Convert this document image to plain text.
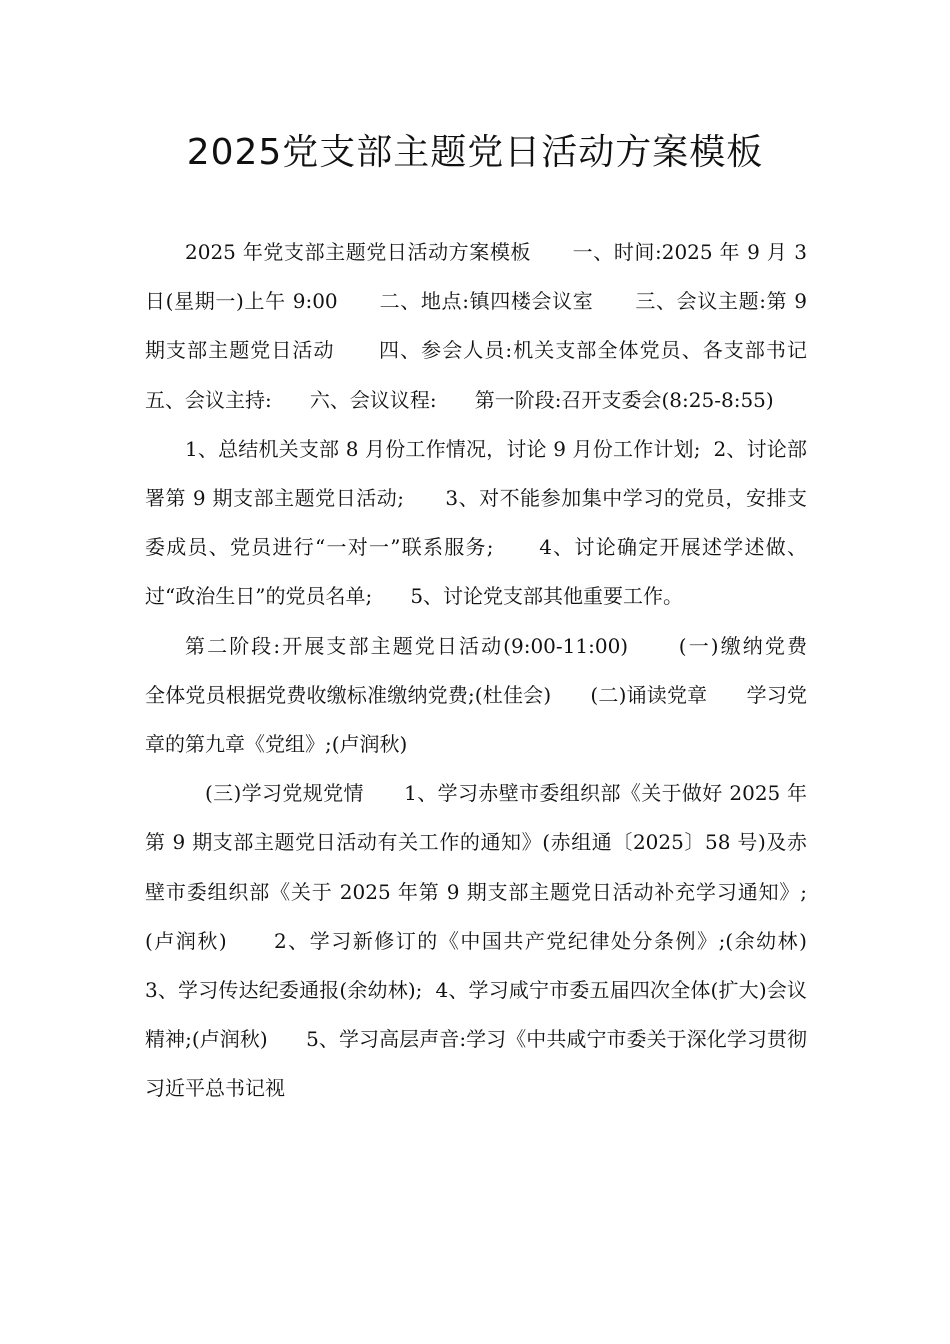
2025党支部主题党日活动方案模板

2025 年党支部主题党日活动方案模板      一、时间:2025 年 9 月 3 日(星期一)上午 9:00      二、地点:镇四楼会议室      三、会议主题:第 9 期支部主题党日活动      四、参会人员:机关支部全体党员、各支部书记      五、会议主持:      六、会议议程:      第一阶段:召开支委会(8:25-8:55)

1、总结机关支部 8 月份工作情况，讨论 9 月份工作计划;  2、讨论部署第 9 期支部主题党日活动;      3、对不能参加集中学习的党员，安排支委成员、党员进行“一对一”联系服务;      4、讨论确定开展述学述做、过“政治生日”的党员名单;      5、讨论党支部其他重要工作。

第二阶段:开展支部主题党日活动(9:00-11:00)      (一)缴纳党费      全体党员根据党费收缴标准缴纳党费;(杜佳会)      (二)诵读党章      学习党章的第九章《党组》;(卢润秋)

(三)学习党规党情      1、学习赤壁市委组织部《关于做好 2025 年第 9 期支部主题党日活动有关工作的通知》(赤组通〔2025〕58 号)及赤壁市委组织部《关于 2025 年第 9 期支部主题党日活动补充学习通知》;(卢润秋)      2、学习新修订的《中国共产党纪律处分条例》;(余幼林)      3、学习传达纪委通报(余幼林);  4、学习咸宁市委五届四次全体(扩大)会议精神;(卢润秋)      5、学习高层声音:学习《中共咸宁市委关于深化学习贯彻习近平总书记视
